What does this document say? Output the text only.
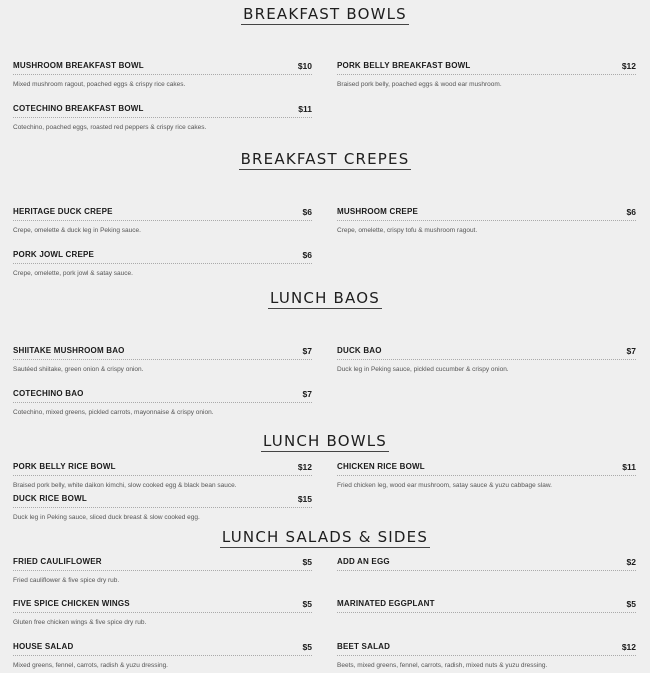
BREAKFAST BOWLS
MUSHROOM BREAKFAST BOWL	$10
Mixed mushroom ragout, poached eggs & crispy rice cakes.
PORK BELLY BREAKFAST BOWL	$12
Braised pork belly, poached eggs & wood ear mushroom.
COTECHINO BREAKFAST BOWL	$11
Cotechino, poached eggs, roasted red peppers & crispy rice cakes.
BREAKFAST CREPES
HERITAGE DUCK CREPE	$6
Crepe, omelette & duck leg in Peking sauce.
MUSHROOM CREPE	$6
Crepe, omelette, crispy tofu & mushroom ragout.
PORK JOWL CREPE	$6
Crepe, omelette, pork jowl & satay sauce.
LUNCH BAOS
SHIITAKE MUSHROOM BAO	$7
Sautéed shiitake, green onion & crispy onion.
DUCK BAO	$7
Duck leg in Peking sauce, pickled cucumber & crispy onion.
COTECHINO BAO	$7
Cotechino, mixed greens, pickled carrots, mayonnaise & crispy onion.
LUNCH BOWLS
PORK BELLY RICE BOWL	$12
Braised pork belly, white daikon kimchi, slow cooked egg & black bean sauce.
CHICKEN RICE BOWL	$11
Fried chicken leg, wood ear mushroom, satay sauce & yuzu cabbage slaw.
DUCK RICE BOWL	$15
Duck leg in Peking sauce, sliced duck breast & slow cooked egg.
LUNCH SALADS & SIDES
FRIED CAULIFLOWER	$5
Fried cauliflower & five spice dry rub.
ADD AN EGG	$2
FIVE SPICE CHICKEN WINGS	$5
Gluten free chicken wings & five spice dry rub.
MARINATED EGGPLANT	$5
HOUSE SALAD	$5
Mixed greens, fennel, carrots, radish & yuzu dressing.
BEET SALAD	$12
Beets, mixed greens, fennel, carrots, radish, mixed nuts & yuzu dressing.
